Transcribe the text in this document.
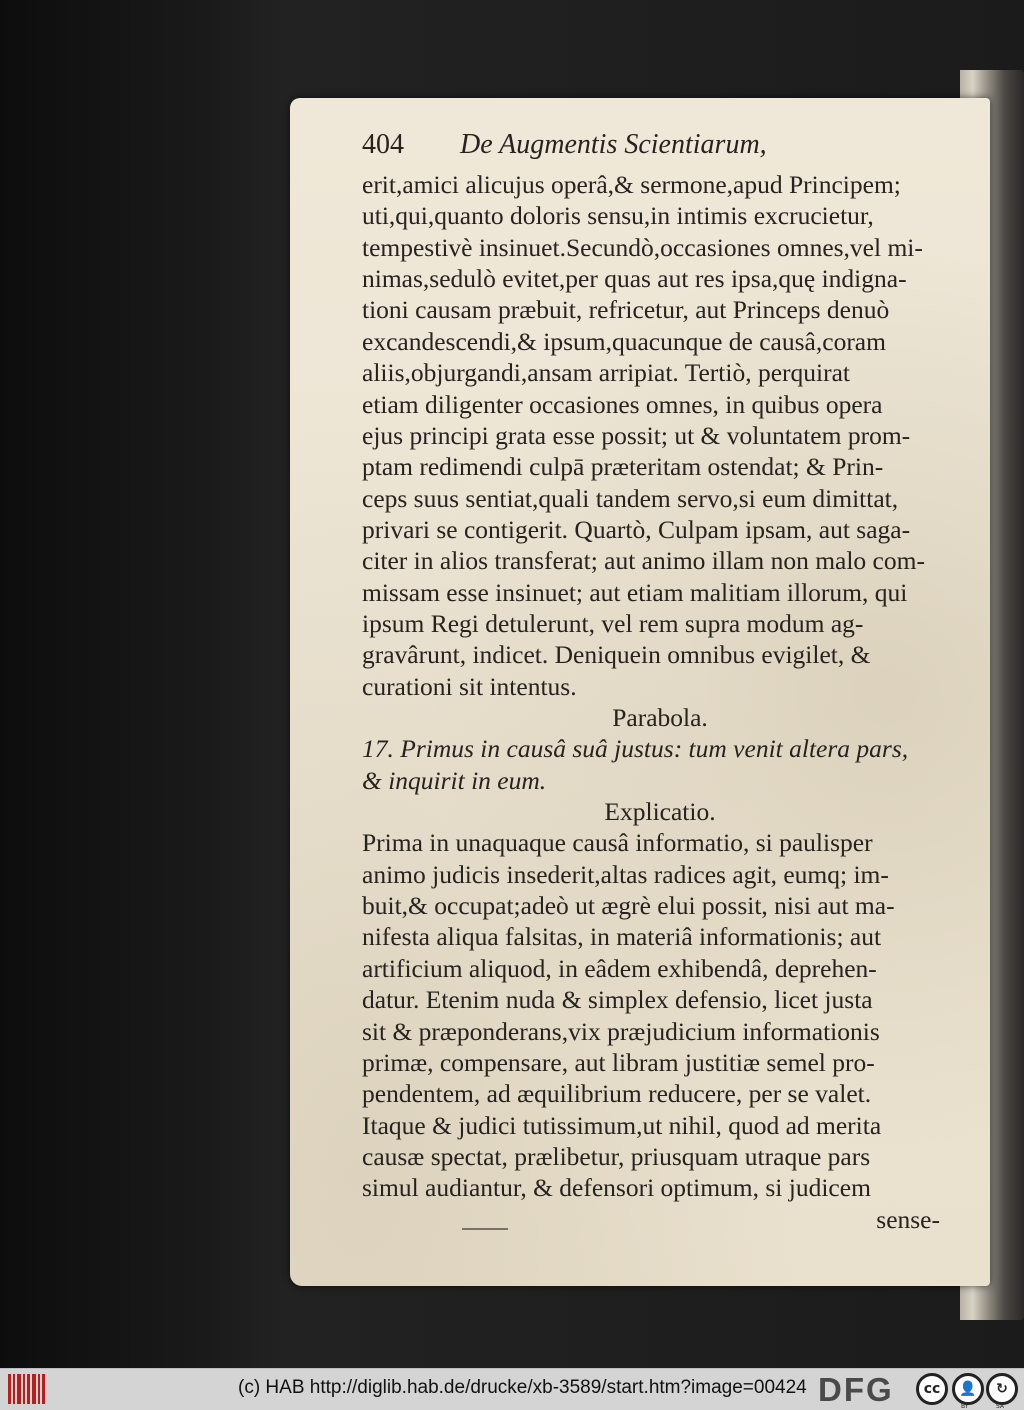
404 De Augmentis Scientiarum,
erit,amici alicujus operâ,& sermone,apud Principem;
uti,qui,quanto doloris sensu,in intimis excrucietur,
tempestivè insinuet.Secundò,occasiones omnes,vel mi-
nimas,sedulò evitet,per quas aut res ipsa,quę indigna-
tioni causam præbuit, refricetur, aut Princeps denuò
excandescendi,& ipsum,quacunque de causâ,coram
aliis,objurgandi,ansam arripiat. Tertiò, perquirat
etiam diligenter occasiones omnes, in quibus opera
ejus principi grata esse possit; ut & voluntatem prom-
ptam redimendi culpā præteritam ostendat; & Prin-
ceps suus sentiat,quali tandem servo,si eum dimittat,
privari se contigerit. Quartò, Culpam ipsam, aut saga-
citer in alios transferat; aut animo illam non malo com-
missam esse insinuet; aut etiam malitiam illorum, qui
ipsum Regi detulerunt, vel rem supra modum ag-
gravârunt, indicet. Deniquein omnibus evigilet, &
curationi sit intentus.
Parabola.
17. Primus in causâ suâ justus: tum venit altera pars,
& inquirit in eum.
Explicatio.
Prima in unaquaque causâ informatio, si paulisper
animo judicis insederit,altas radices agit, eumq; im-
buit,& occupat;adeò ut ægrè elui possit, nisi aut ma-
nifesta aliqua falsitas, in materiâ informationis; aut
artificium aliquod, in eâdem exhibendâ, deprehen-
datur. Etenim nuda & simplex defensio, licet justa
sit & præponderans,vix præjudicium informationis
primæ, compensare, aut libram justitiæ semel pro-
pendentem, ad æquilibrium reducere, per se valet.
Itaque & judici tutissimum,ut nihil, quod ad merita
causæ spectat, prælibetur, priusquam utraque pars
simul audiantur, & defensori optimum, si judicem
sense-
(c) HAB http://diglib.hab.de/drucke/xb-3589/start.htm?image=00424 DFG	cc	👤	↻
BY	SA
